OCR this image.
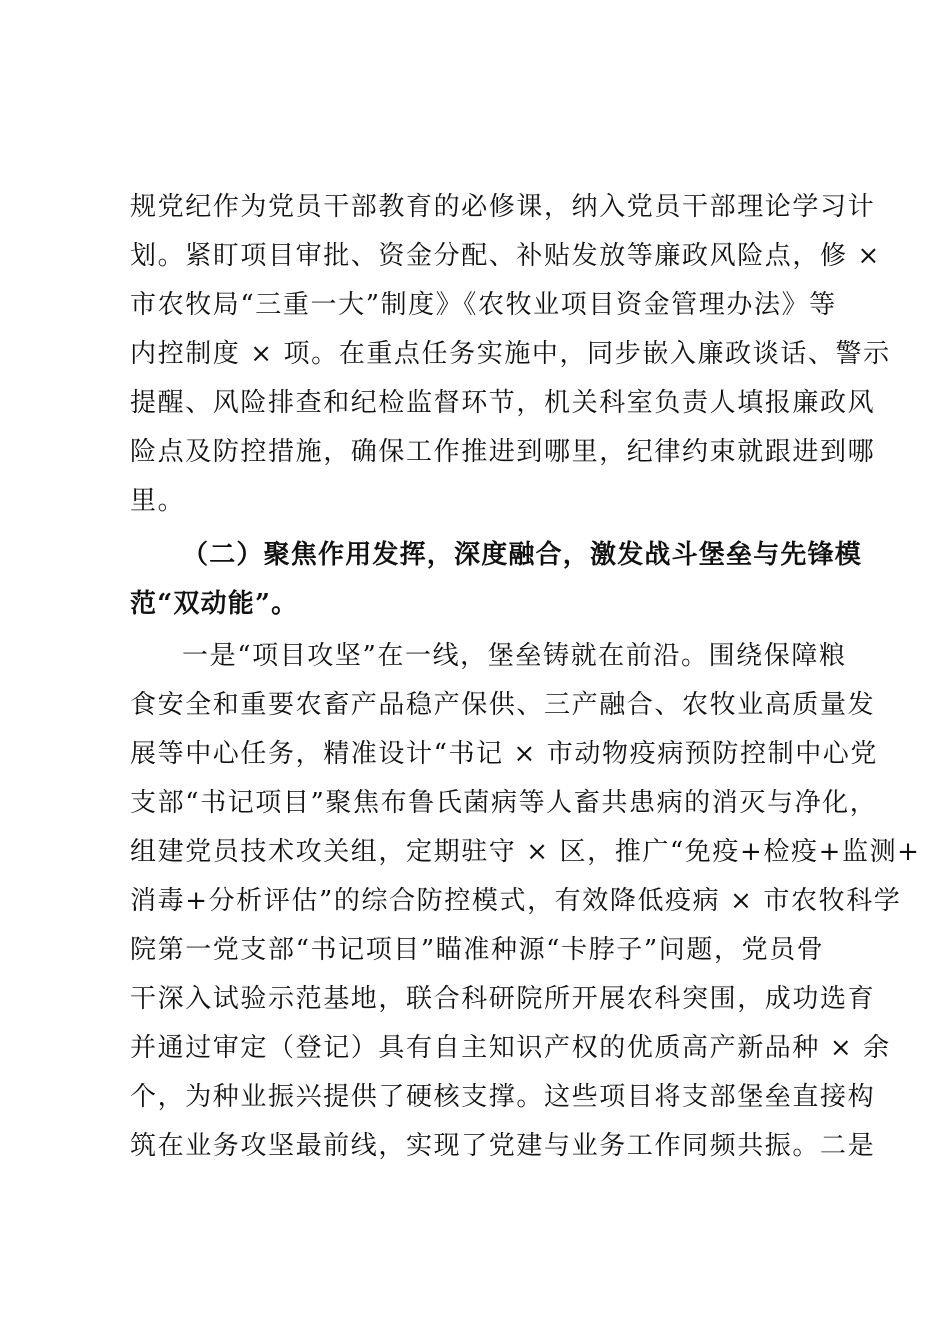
规党纪作为党员干部教育的必修课，纳入党员干部理论学习计
划。紧盯项目审批、资金分配、补贴发放等廉政风险点，修 ×
市农牧局“三重一大”制度》《农牧业项目资金管理办法》等
内控制度 × 项。在重点任务实施中，同步嵌入廉政谈话、警示
提醒、风险排查和纪检监督环节，机关科室负责人填报廉政风
险点及防控措施，确保工作推进到哪里，纪律约束就跟进到哪
里。
（二）聚焦作用发挥，深度融合，激发战斗堡垒与先锋模
范“双动能”。
一是“项目攻坚”在一线，堡垒铸就在前沿。围绕保障粮
食安全和重要农畜产品稳产保供、三产融合、农牧业高质量发
展等中心任务，精准设计“书记 × 市动物疫病预防控制中心党
支部“书记项目”聚焦布鲁氏菌病等人畜共患病的消灭与净化，
组建党员技术攻关组，定期驻守 × 区，推广“免疫+检疫+监测+
消毒+分析评估”的综合防控模式，有效降低疫病 × 市农牧科学
院第一党支部“书记项目”瞄准种源“卡脖子”问题，党员骨
干深入试验示范基地，联合科研院所开展农科突围，成功选育
并通过审定（登记）具有自主知识产权的优质高产新品种 × 余
个，为种业振兴提供了硬核支撑。这些项目将支部堡垒直接构
筑在业务攻坚最前线，实现了党建与业务工作同频共振。二是
